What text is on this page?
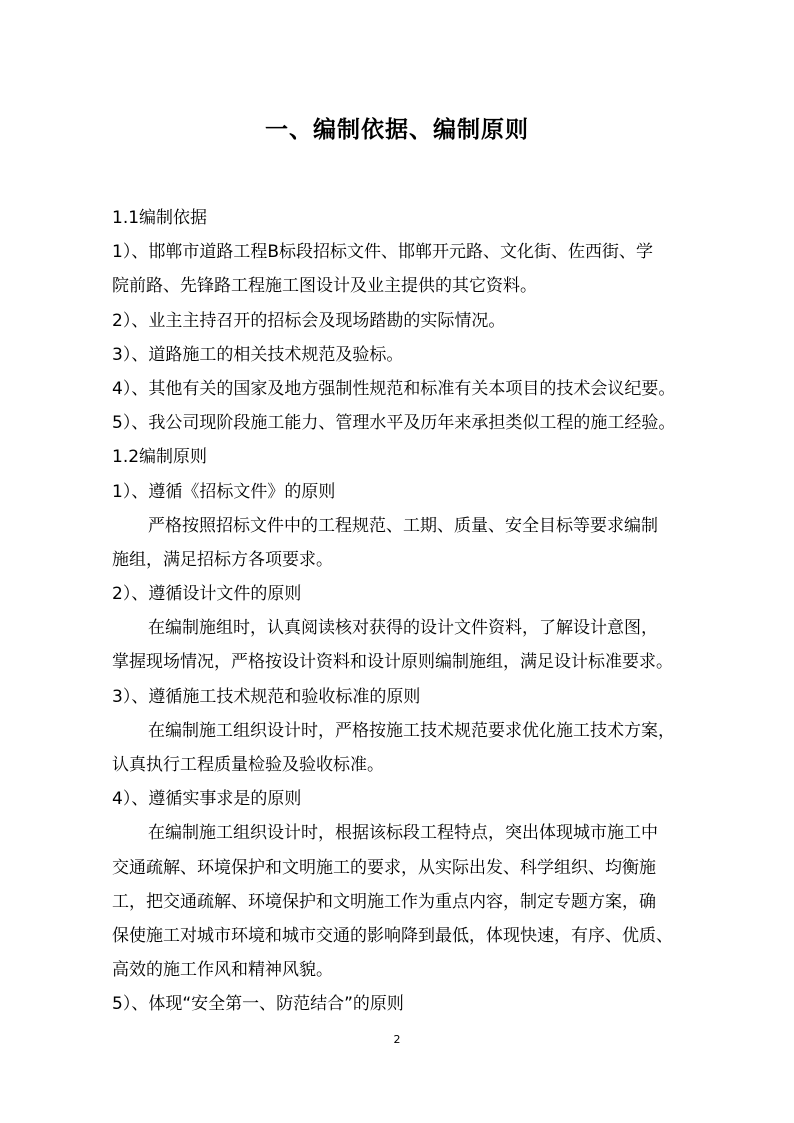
一、编制依据、编制原则
1.1编制依据
1）、邯郸市道路工程B标段招标文件、邯郸开元路、文化街、佐西街、学
院前路、先锋路工程施工图设计及业主提供的其它资料。
2）、业主主持召开的招标会及现场踏勘的实际情况。
3）、道路施工的相关技术规范及验标。
4）、其他有关的国家及地方强制性规范和标准有关本项目的技术会议纪要。
5）、我公司现阶段施工能力、管理水平及历年来承担类似工程的施工经验。
1.2编制原则
1）、遵循《招标文件》的原则
严格按照招标文件中的工程规范、工期、质量、安全目标等要求编制
施组，满足招标方各项要求。
2）、遵循设计文件的原则
在编制施组时，认真阅读核对获得的设计文件资料，了解设计意图，
掌握现场情况，严格按设计资料和设计原则编制施组，满足设计标准要求。
3）、遵循施工技术规范和验收标准的原则
在编制施工组织设计时，严格按施工技术规范要求优化施工技术方案，
认真执行工程质量检验及验收标准。
4）、遵循实事求是的原则
在编制施工组织设计时，根据该标段工程特点，突出体现城市施工中
交通疏解、环境保护和文明施工的要求，从实际出发、科学组织、均衡施
工，把交通疏解、环境保护和文明施工作为重点内容，制定专题方案，确
保使施工对城市环境和城市交通的影响降到最低，体现快速，有序、优质、
高效的施工作风和精神风貌。
5）、体现“安全第一、防范结合”的原则
2
